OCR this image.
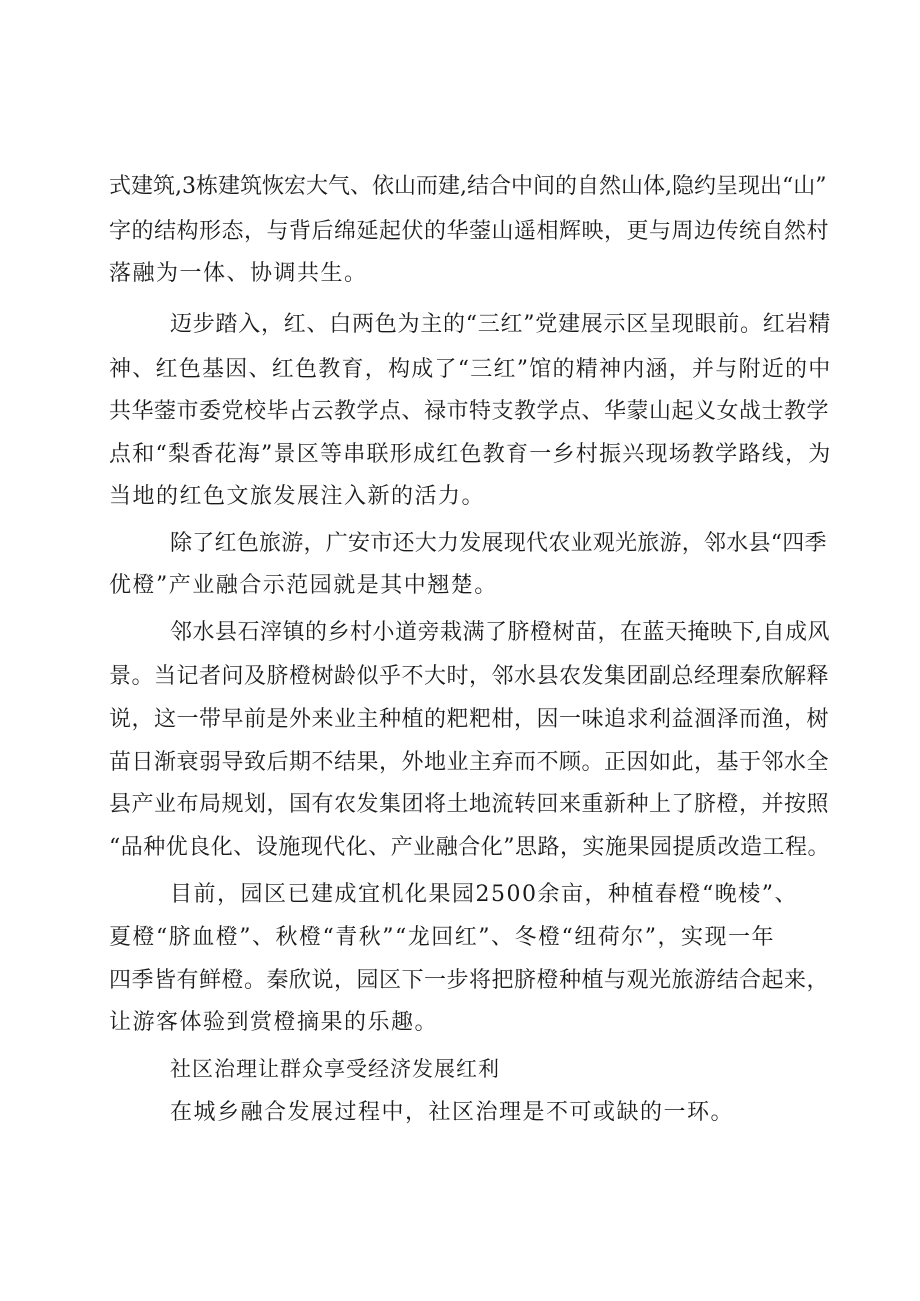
式建筑,3栋建筑恢宏大气、依山而建,结合中间的自然山体,隐约呈现出“山”
字的结构形态，与背后绵延起伏的华蓥山遥相辉映，更与周边传统自然村
落融为一体、协调共生。
迈步踏入，红、白两色为主的“三红”党建展示区呈现眼前。红岩精
神、红色基因、红色教育，构成了“三红”馆的精神内涵，并与附近的中
共华蓥市委党校毕占云教学点、禄市特支教学点、华蒙山起义女战士教学
点和“梨香花海”景区等串联形成红色教育一乡村振兴现场教学路线，为
当地的红色文旅发展注入新的活力。
除了红色旅游，广安市还大力发展现代农业观光旅游，邻水县“四季
优橙”产业融合示范园就是其中翘楚。
邻水县石滓镇的乡村小道旁栽满了脐橙树苗，在蓝天掩映下,自成风
景。当记者问及脐橙树龄似乎不大时，邻水县农发集团副总经理秦欣解释
说，这一带早前是外来业主种植的粑粑柑，因一味追求利益涸泽而渔，树
苗日渐衰弱导致后期不结果，外地业主弃而不顾。正因如此，基于邻水全
县产业布局规划，国有农发集团将土地流转回来重新种上了脐橙，并按照
“品种优良化、设施现代化、产业融合化”思路，实施果园提质改造工程。
目前，园区已建成宜机化果园2500余亩，种植春橙“晚棱”、
夏橙“脐血橙”、秋橙“青秋”“龙回红”、冬橙“纽荷尔”，实现一年
四季皆有鲜橙。秦欣说，园区下一步将把脐橙种植与观光旅游结合起来，
让游客体验到赏橙摘果的乐趣。
社区治理让群众享受经济发展红利
在城乡融合发展过程中，社区治理是不可或缺的一环。
